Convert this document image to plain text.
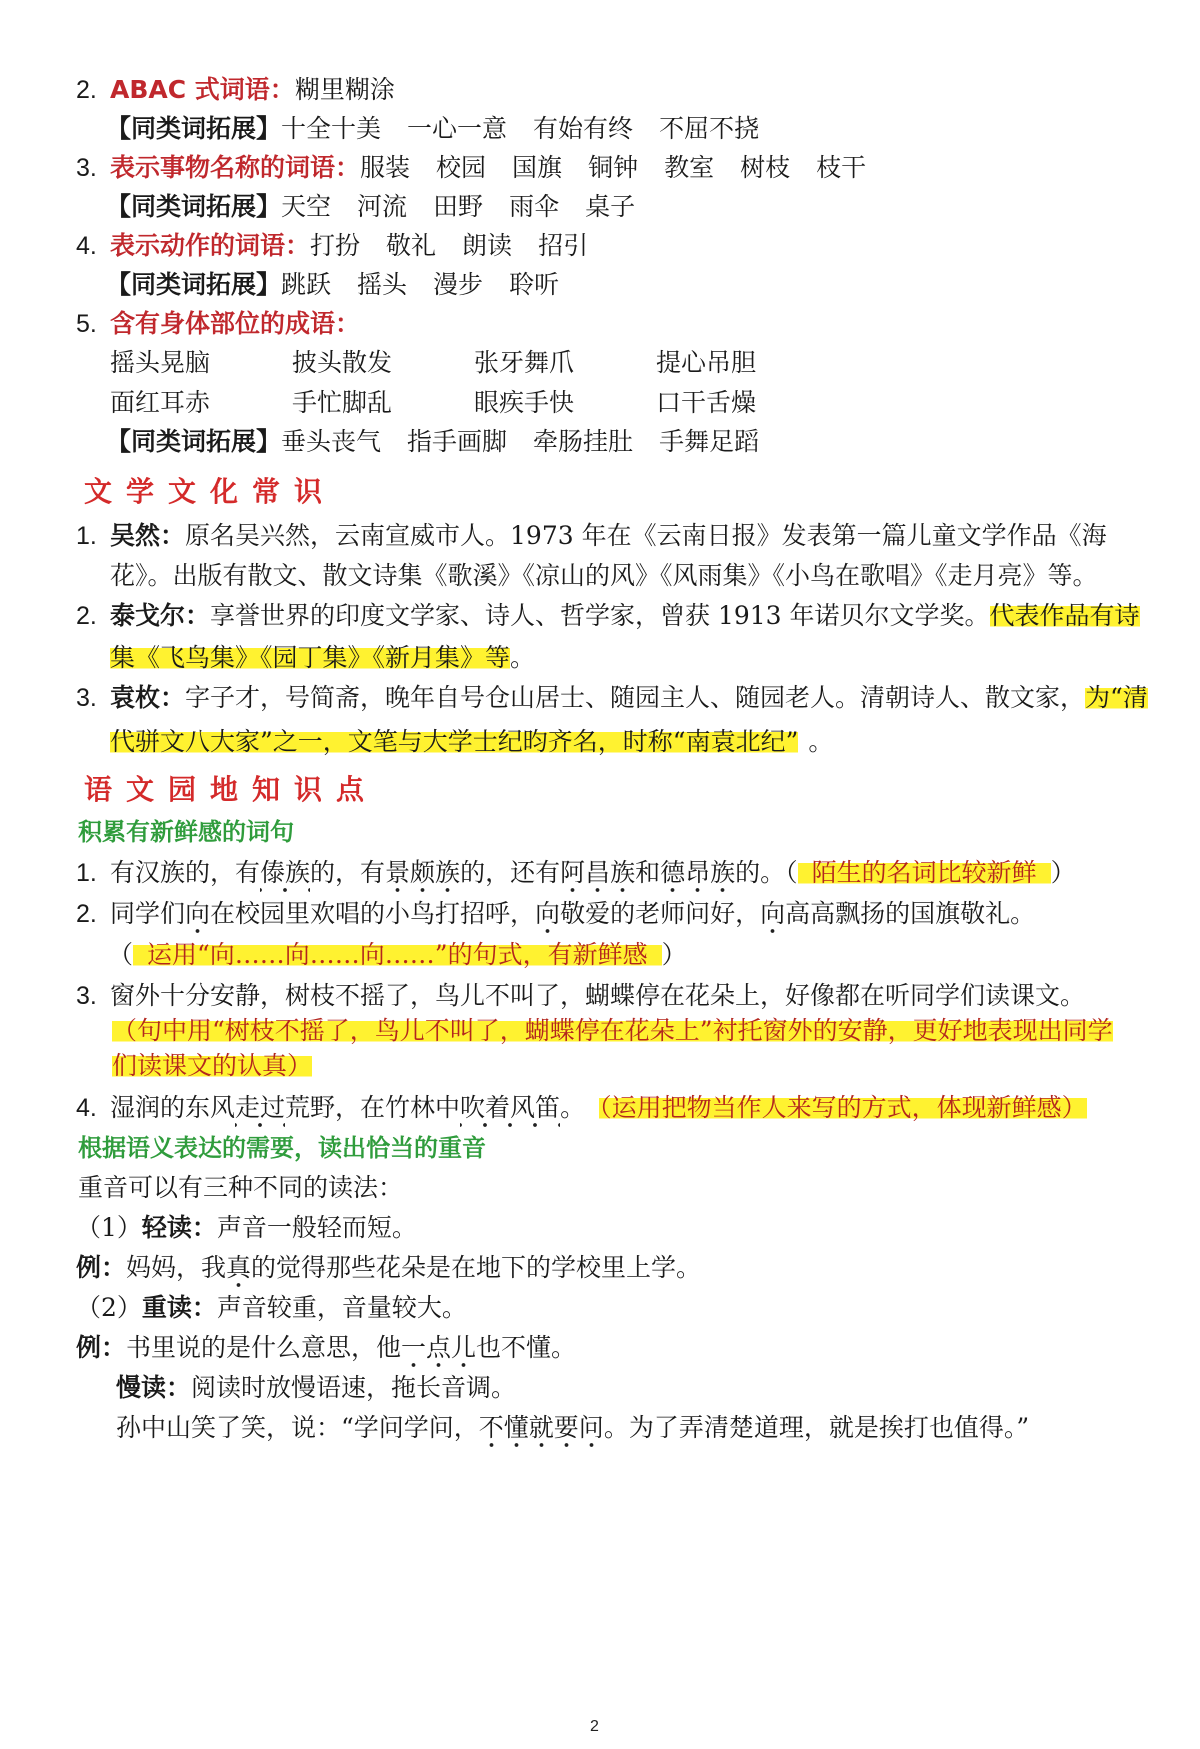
2. ABAC 式词语：糊里糊涂
【同类词拓展】十全十美 一心一意 有始有终 不屈不挠
3. 表示事物名称的词语：服装 校园 国旗 铜钟 教室 树枝 枝干
【同类词拓展】天空 河流 田野 雨伞 桌子
4. 表示动作的词语：打扮 敬礼 朗读 招引
【同类词拓展】跳跃 摇头 漫步 聆听
5. 含有身体部位的成语：
摇头晃脑	披头散发	张牙舞爪	提心吊胆
面红耳赤	手忙脚乱	眼疾手快	口干舌燥
【同类词拓展】垂头丧气 指手画脚 牵肠挂肚 手舞足蹈
文学文化常识
1. 吴然：原名吴兴然，云南宣威市人。1973 年在《云南日报》发表第一篇儿童文学作品《海
花》。出版有散文、散文诗集《歌溪》《凉山的风》《风雨集》《小鸟在歌唱》《走月亮》等。
2. 泰戈尔：享誉世界的印度文学家、诗人、哲学家，曾获 1913 年诺贝尔文学奖。代表作品有诗
集《飞鸟集》《园丁集》《新月集》等。
3. 袁枚：字子才，号简斋，晚年自号仓山居士、随园主人、随园老人。清朝诗人、散文家，为“清
代骈文八大家”之一，文笔与大学士纪昀齐名，时称“南袁北纪” 。
语文园地知识点
积累有新鲜感的词句
1. 有汉族的，有傣族的，有景颇族的，还有阿昌族和德昂族的。（ 陌生的名词比较新鲜 ）
2. 同学们向在校园里欢唱的小鸟打招呼，向敬爱的老师问好，向高高飘扬的国旗敬礼。
（ 运用“向……向……向……”的句式，有新鲜感 ）
3. 窗外十分安静，树枝不摇了，鸟儿不叫了，蝴蝶停在花朵上，好像都在听同学们读课文。
（句中用“树枝不摇了，鸟儿不叫了，蝴蝶停在花朵上”衬托窗外的安静，更好地表现出同学
们读课文的认真）
4. 湿润的东风走过荒野，在竹林中吹着风笛。 （运用把物当作人来写的方式，体现新鲜感）
根据语义表达的需要，读出恰当的重音
重音可以有三种不同的读法：
（1）轻读：声音一般轻而短。
例：妈妈，我真的觉得那些花朵是在地下的学校里上学。
（2）重读：声音较重，音量较大。
例：书里说的是什么意思，他一点儿也不懂。
慢读：阅读时放慢语速，拖长音调。
孙中山笑了笑，说：“学问学问，不懂就要问。为了弄清楚道理，就是挨打也值得。”
2
